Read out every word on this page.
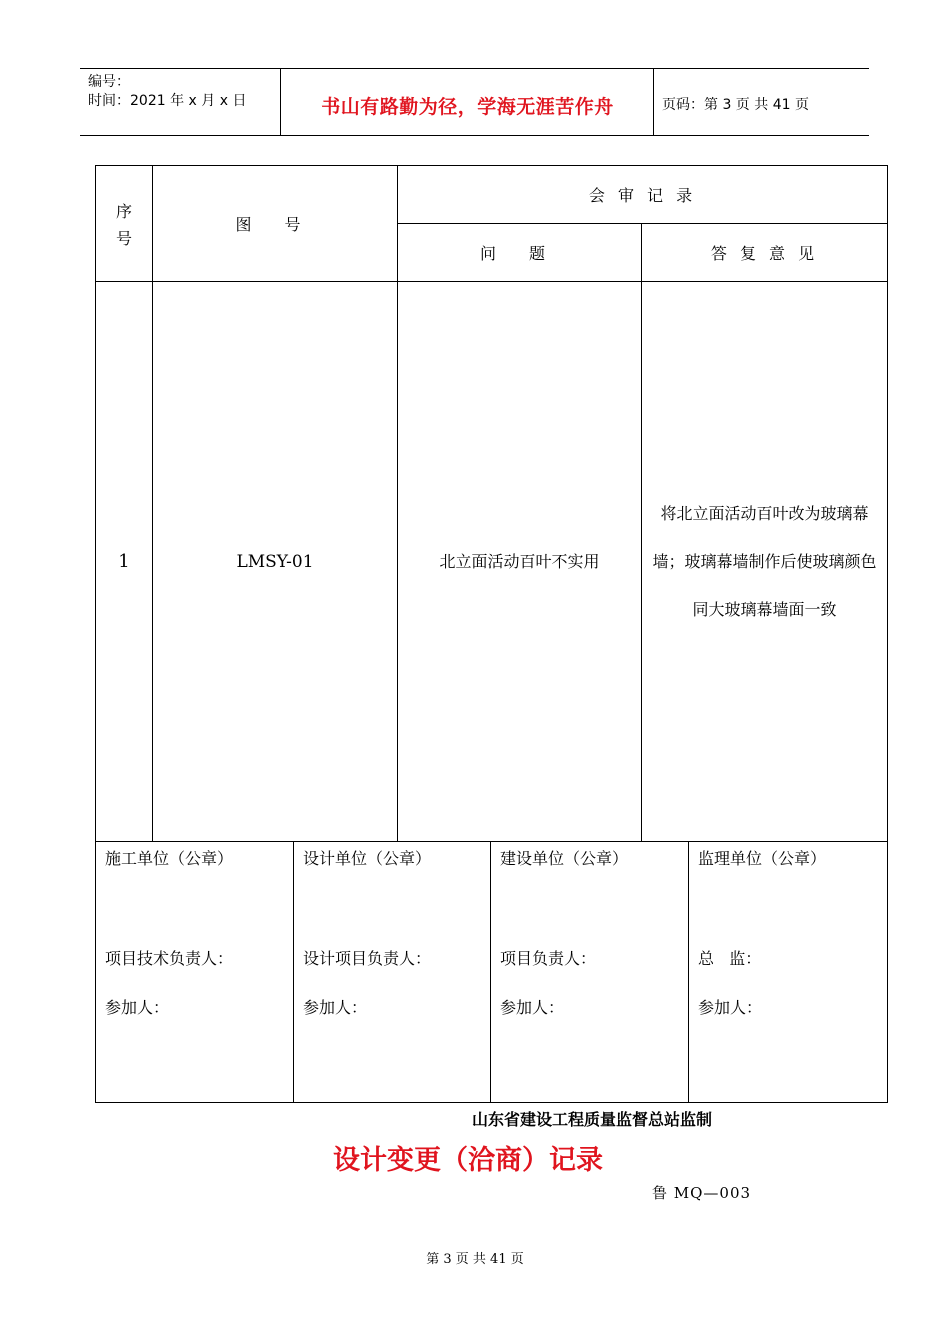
编号：
时间：2021 年 x 月 x 日	书山有路勤为径，学海无涯苦作舟	页码：第 3 页 共 41 页
序
号	图 号	会 审 记 录	
		问 题	答 复 意 见
1	LMSY-01	北立面活动百叶不实用	将北立面活动百叶改为玻璃幕墙；玻璃幕墙制作后使玻璃颜色同大玻璃幕墙面一致
施工单位（公章）
项目技术负责人：
参加人：

设计单位（公章）
设计项目负责人：
参加人：

建设单位（公章）
项目负责人：
参加人：

监理单位（公章）
总   监：
参加人：
山东省建设工程质量监督总站监制
设计变更（洽商）记录
鲁 MQ—003
第 3 页 共 41 页
